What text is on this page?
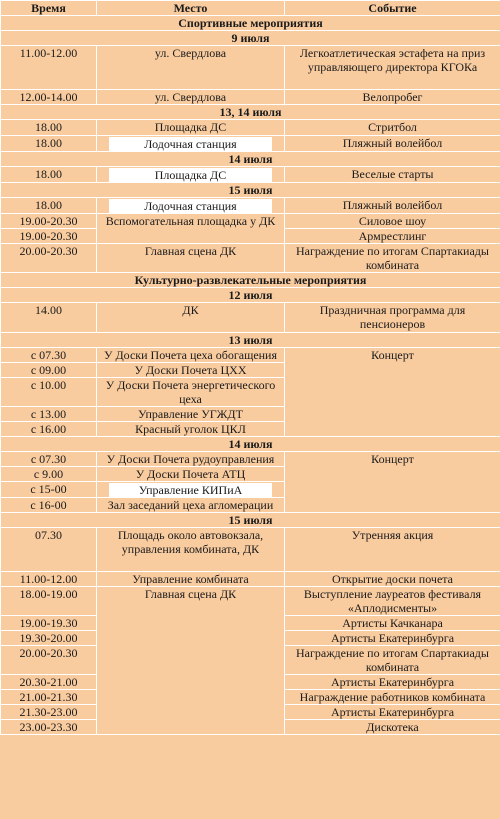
Время	Место	Событие
Спортивные мероприятия		
9 июля		
11.00-12.00	ул. Свердлова	Легкоатлетическая эстафета на приз управляющего директора КГОКа
12.00-14.00	ул. Свердлова	Велопробег
13, 14 июля		
18.00	Площадка ДС	Стритбол
18.00	Лодочная станция	Пляжный волейбол
14 июля		
18.00	Площадка ДС	Веселые старты
15 июля		
18.00	Лодочная станция	Пляжный волейбол
19.00-20.30	Вспомогательная площадка у ДК	Силовое шоу
19.00-20.30		Армрестлинг
20.00-20.30	Главная сцена ДК	Награждение по итогам Спартакиады комбината
Культурно-развлекательные мероприятия		
12 июля		
14.00	ДК	Праздничная программа для пенсионеров
13 июля		
с 07.30	У Доски Почета цеха обогащения	Концерт
с 09.00	У Доски Почета ЦХХ	
с 10.00	У Доски Почета энергетического цеха	
с 13.00	Управление УГЖДТ	
с 16.00	Красный уголок ЦКЛ	
14 июля		
с 07.30	У Доски Почета рудоуправления	Концерт
с 9.00	У Доски Почета АТЦ	
с 15-00	Управление КИПиА	

с 16-00	Зал заседаний цеха агломерации	
15 июля		
07.30	Площадь около автовокзала, управления комбината, ДК	Утренняя акция
11.00-12.00	Управление комбината	Открытие доски почета
18.00-19.00	Главная сцена ДК	Выступление лауреатов фестиваля «Аплодисменты»
19.00-19.30		Артисты Качканара
19.30-20.00		Артисты Екатеринбурга
20.00-20.30		Награждение по итогам Спартакиады комбината
20.30-21.00		Артисты Екатеринбурга
21.00-21.30		Награждение работников комбината
21.30-23.00		Артисты Екатеринбурга
23.00-23.30		Дискотека
